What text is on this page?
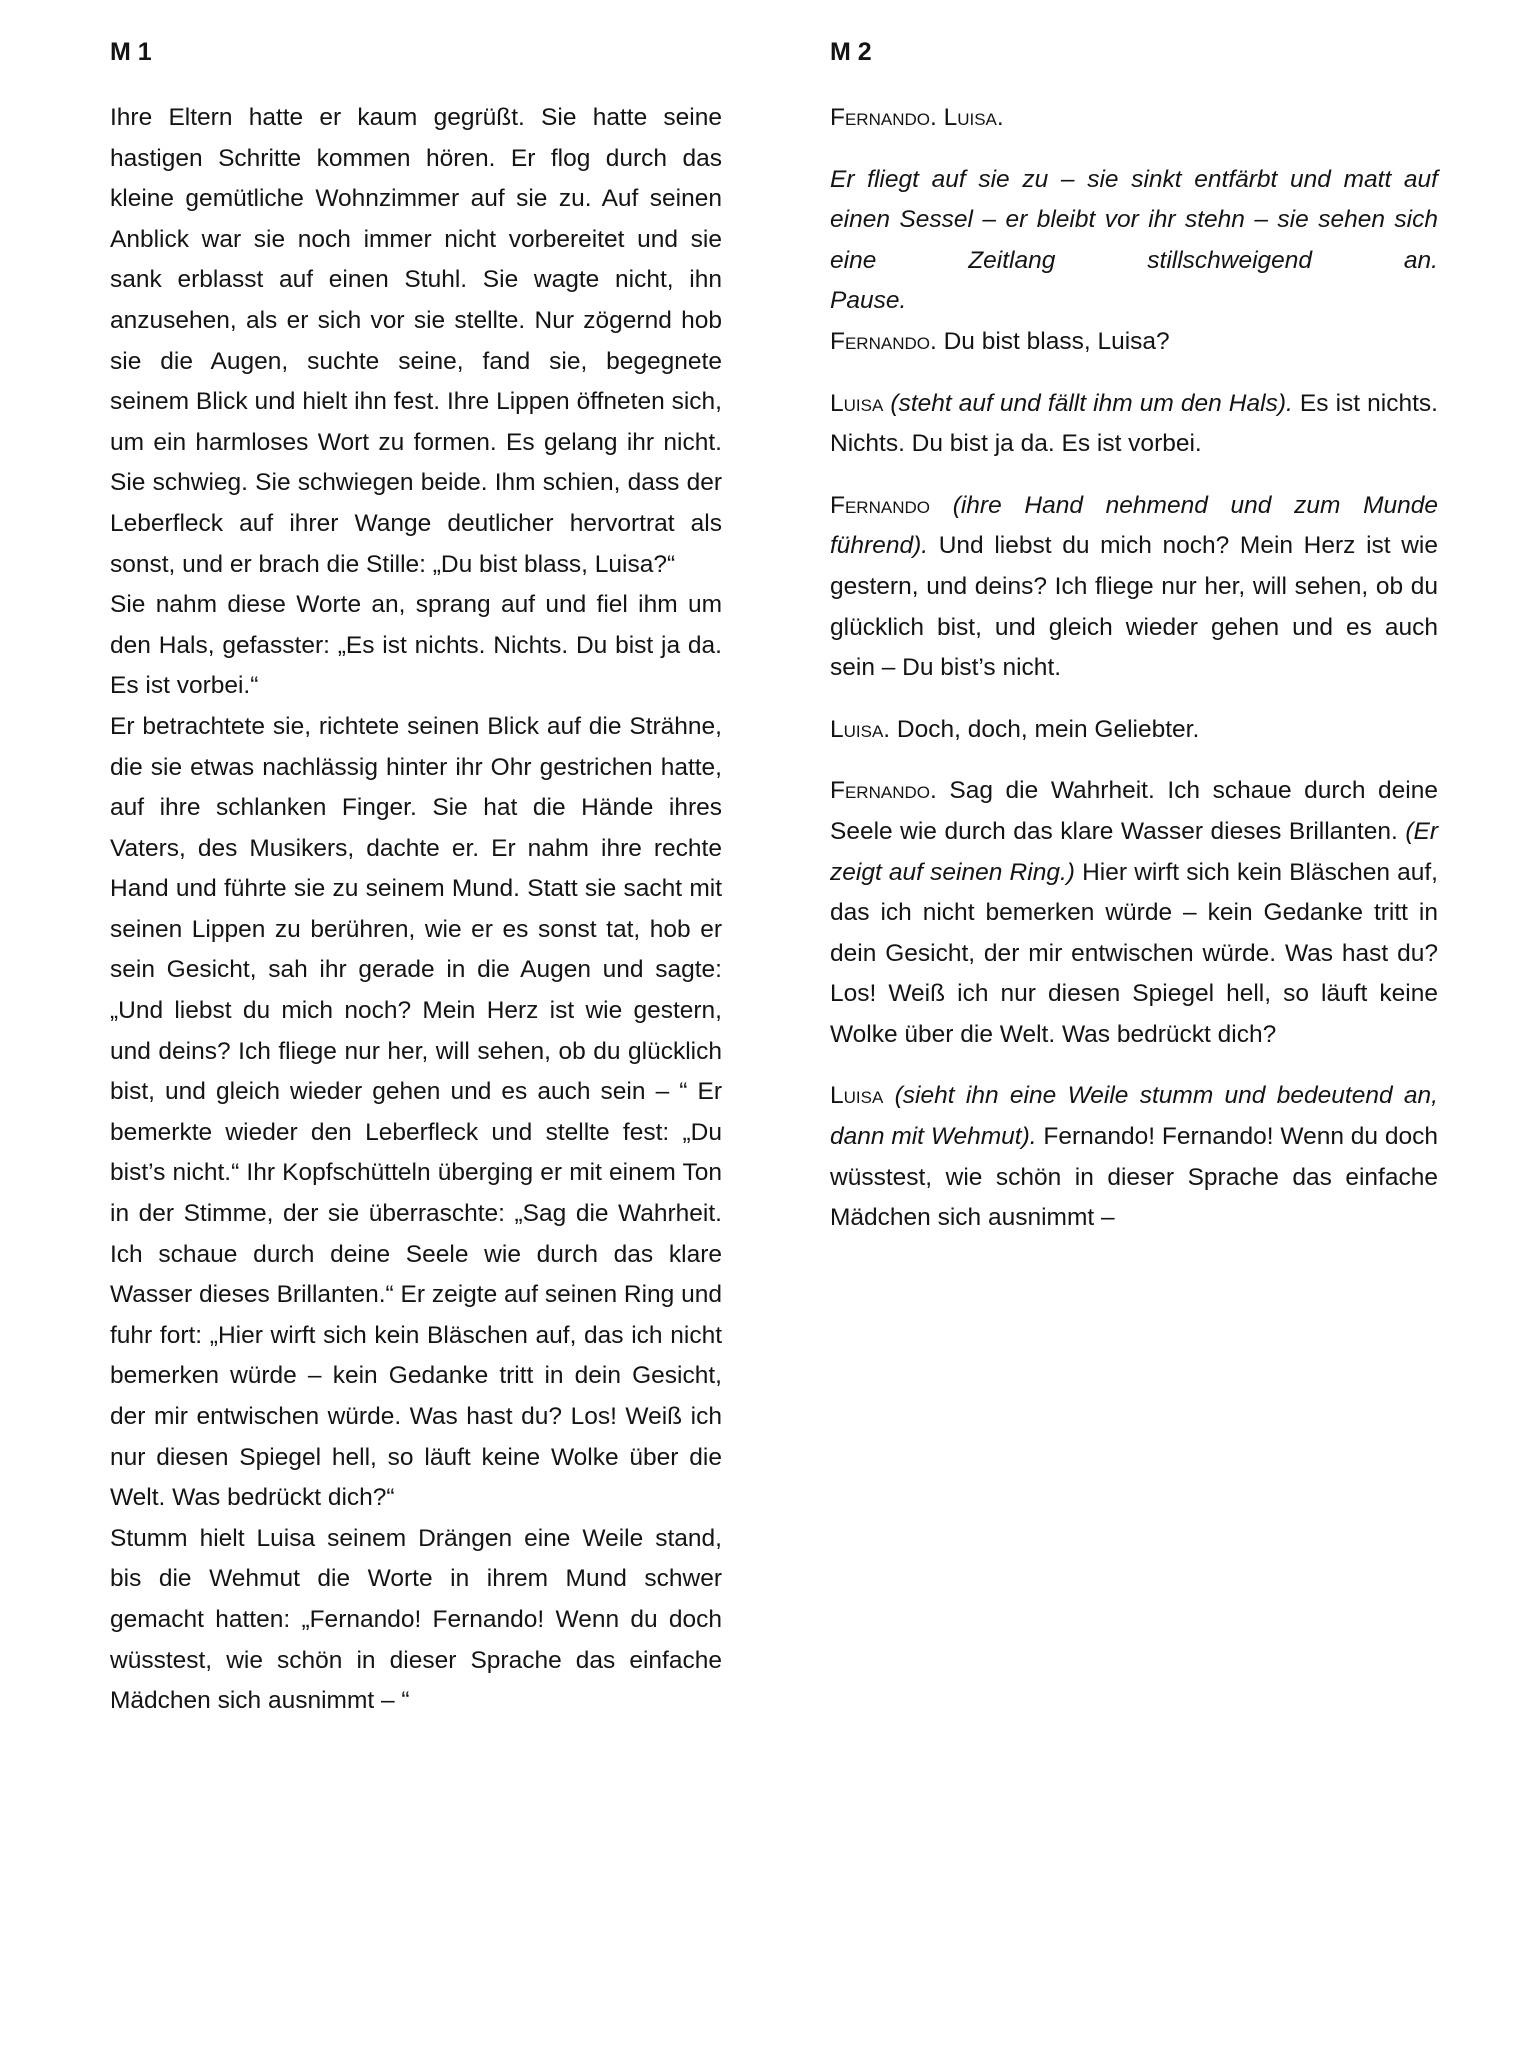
M 1

Ihre Eltern hatte er kaum gegrüßt. Sie hatte seine hastigen Schritte kommen hören. Er flog durch das kleine gemütliche Wohnzimmer auf sie zu. Auf seinen Anblick war sie noch immer nicht vorbereitet und sie sank erblasst auf einen Stuhl. Sie wagte nicht, ihn anzusehen, als er sich vor sie stellte. Nur zögernd hob sie die Augen, suchte seine, fand sie, begegnete seinem Blick und hielt ihn fest. Ihre Lippen öffneten sich, um ein harmloses Wort zu formen. Es gelang ihr nicht. Sie schwieg. Sie schwiegen beide. Ihm schien, dass der Leberfleck auf ihrer Wange deutlicher hervortrat als sonst, und er brach die Stille: „Du bist blass, Luisa?“

Sie nahm diese Worte an, sprang auf und fiel ihm um den Hals, gefasster: „Es ist nichts. Nichts. Du bist ja da. Es ist vorbei.“

Er betrachtete sie, richtete seinen Blick auf die Strähne, die sie etwas nachlässig hinter ihr Ohr gestrichen hatte, auf ihre schlanken Finger. Sie hat die Hände ihres Vaters, des Musikers, dachte er. Er nahm ihre rechte Hand und führte sie zu seinem Mund. Statt sie sacht mit seinen Lippen zu berühren, wie er es sonst tat, hob er sein Gesicht, sah ihr gerade in die Augen und sagte: „Und liebst du mich noch? Mein Herz ist wie gestern, und deins? Ich fliege nur her, will sehen, ob du glücklich bist, und gleich wieder gehen und es auch sein – “ Er bemerkte wieder den Leberfleck und stellte fest: „Du bist’s nicht.“ Ihr Kopfschütteln überging er mit einem Ton in der Stimme, der sie überraschte: „Sag die Wahrheit. Ich schaue durch deine Seele wie durch das klare Wasser dieses Brillanten.“ Er zeigte auf seinen Ring und fuhr fort: „Hier wirft sich kein Bläschen auf, das ich nicht bemerken würde – kein Gedanke tritt in dein Gesicht, der mir entwischen würde. Was hast du? Los! Weiß ich nur diesen Spiegel hell, so läuft keine Wolke über die Welt. Was bedrückt dich?“

Stumm hielt Luisa seinem Drängen eine Weile stand, bis die Wehmut die Worte in ihrem Mund schwer gemacht hatten: „Fernando! Fernando! Wenn du doch wüsstest, wie schön in dieser Sprache das einfache Mädchen sich ausnimmt – “

M 2

Fernando. Luisa.

Er fliegt auf sie zu – sie sinkt entfärbt und matt auf einen Sessel – er bleibt vor ihr stehn – sie sehen sich eine Zeitlang stillschweigend an.
Pause.

Fernando. Du bist blass, Luisa?

Luisa (steht auf und fällt ihm um den Hals). Es ist nichts. Nichts. Du bist ja da. Es ist vorbei.

Fernando (ihre Hand nehmend und zum Munde führend). Und liebst du mich noch? Mein Herz ist wie gestern, und deins? Ich fliege nur her, will sehen, ob du glücklich bist, und gleich wieder gehen und es auch sein – Du bist’s nicht.

Luisa. Doch, doch, mein Geliebter.

Fernando. Sag die Wahrheit. Ich schaue durch deine Seele wie durch das klare Wasser dieses Brillanten. (Er zeigt auf seinen Ring.) Hier wirft sich kein Bläschen auf, das ich nicht bemerken würde – kein Gedanke tritt in dein Gesicht, der mir entwischen würde. Was hast du? Los! Weiß ich nur diesen Spiegel hell, so läuft keine Wolke über die Welt. Was bedrückt dich?

Luisa (sieht ihn eine Weile stumm und bedeutend an, dann mit Wehmut). Fernando! Fernando! Wenn du doch wüsstest, wie schön in dieser Sprache das einfache Mädchen sich ausnimmt –
